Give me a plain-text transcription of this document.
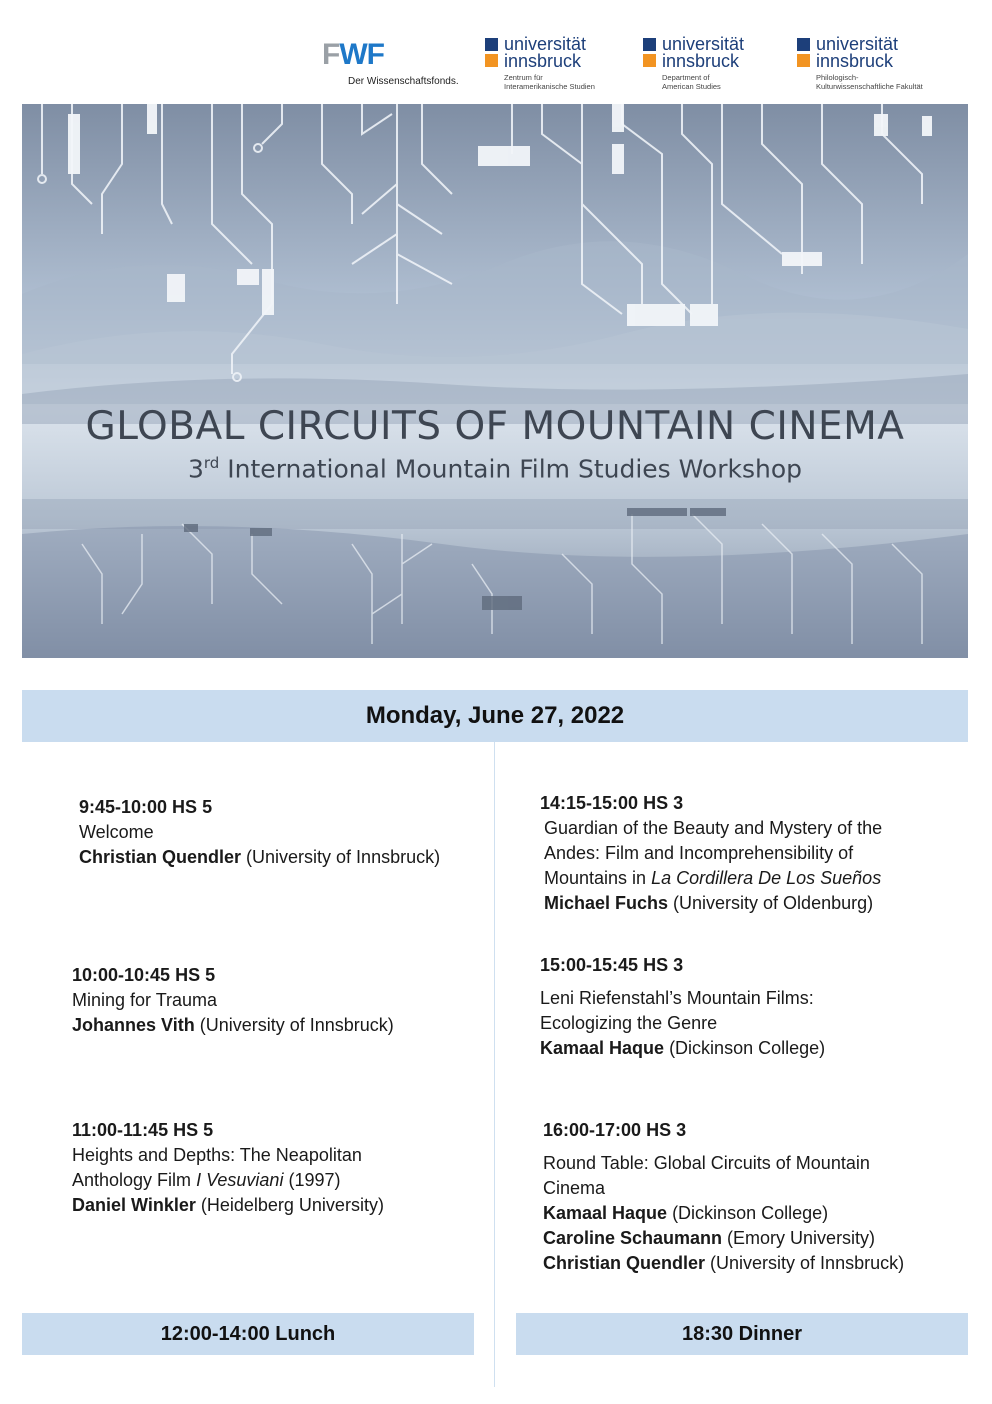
FWF
Der Wissenschaftsfonds.
universität
innsbruck
Zentrum für
Interamerikanische Studien
universität
innsbruck
Department of
American Studies
universität
innsbruck
Philologisch-
Kulturwissenschaftliche Fakultät
GLOBAL CIRCUITS OF MOUNTAIN CINEMA
3rd International Mountain Film Studies Workshop
Monday, June 27, 2022
9:45-10:00 HS 5
Welcome
Christian Quendler (University of Innsbruck)
10:00-10:45 HS 5
Mining for Trauma
Johannes Vith (University of Innsbruck)
11:00-11:45 HS 5
Heights and Depths: The Neapolitan
Anthology Film I Vesuviani (1997)
Daniel Winkler (Heidelberg University)
14:15-15:00 HS 3
Guardian of the Beauty and Mystery of the
Andes: Film and Incomprehensibility of
Mountains in La Cordillera De Los Sueños
Michael Fuchs (University of Oldenburg)
15:00-15:45 HS 3
Leni Riefenstahl’s Mountain Films:
Ecologizing the Genre
Kamaal Haque (Dickinson College)
16:00-17:00 HS 3
Round Table: Global Circuits of Mountain
Cinema
Kamaal Haque (Dickinson College)
Caroline Schaumann (Emory University)
Christian Quendler (University of Innsbruck)
12:00-14:00 Lunch	18:30 Dinner
